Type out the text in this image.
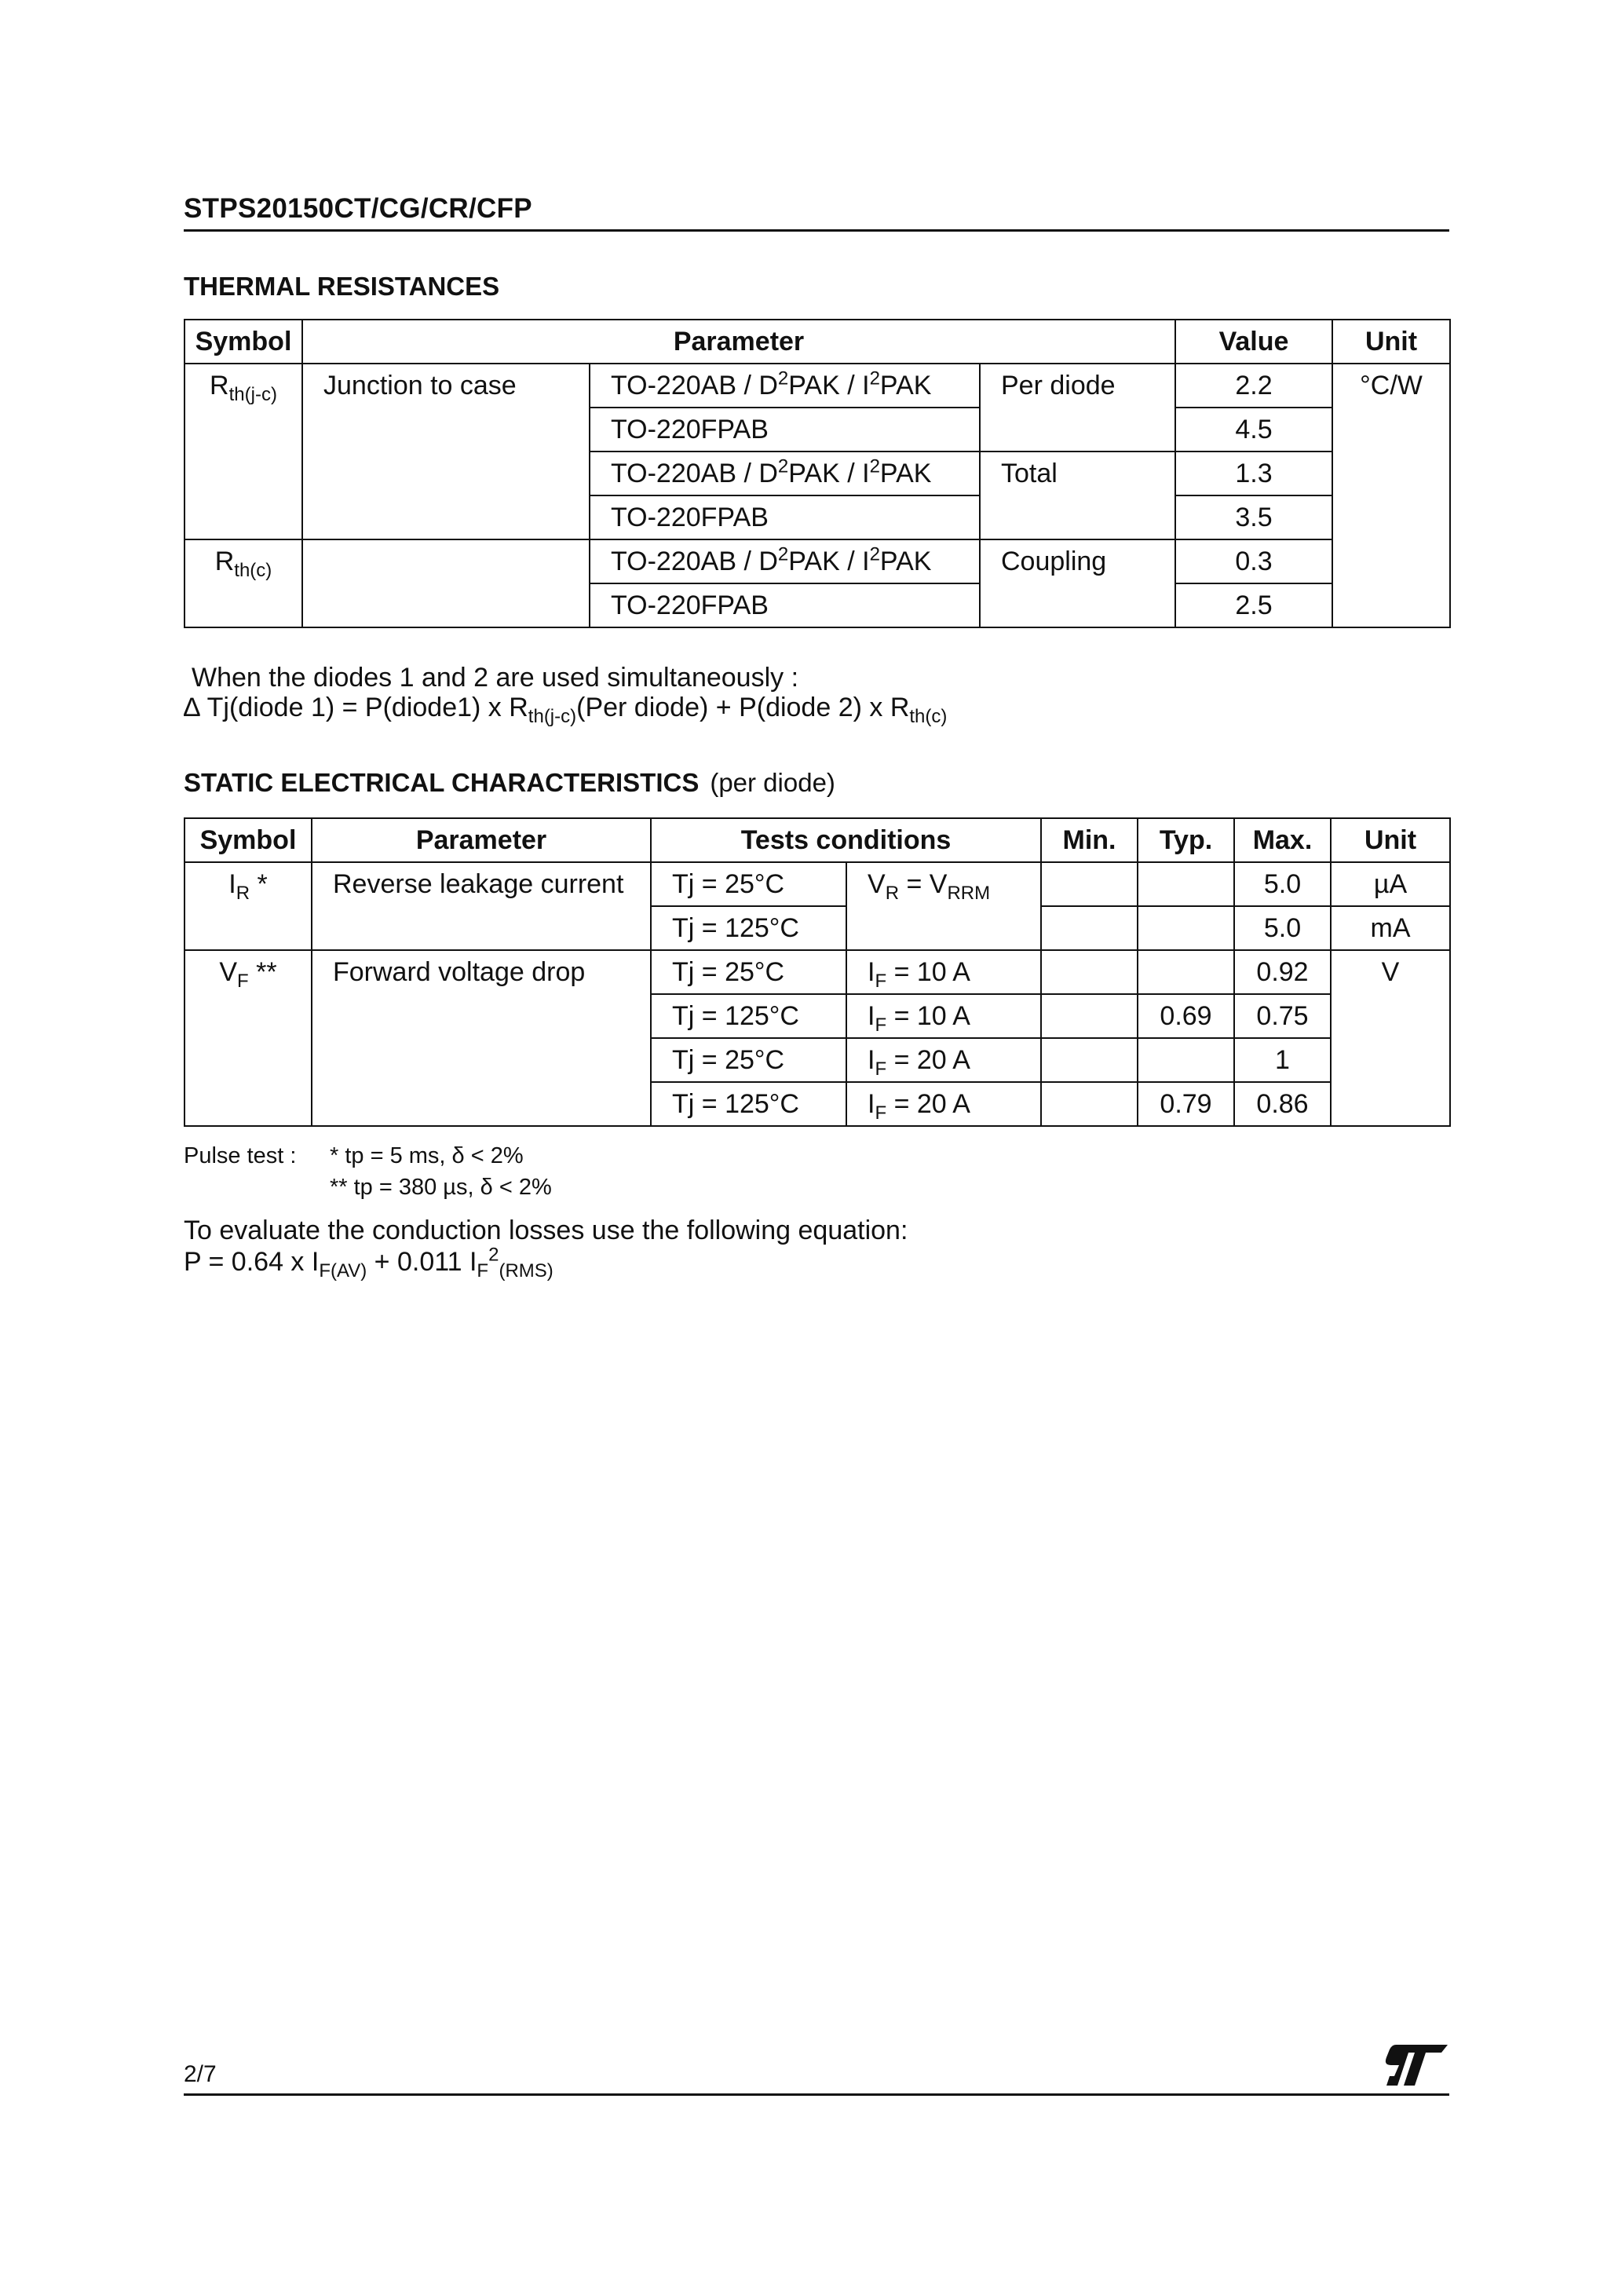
STPS20150CT/CG/CR/CFP
THERMAL RESISTANCES
Symbol	Parameter			Value	Unit
$R_{th(j-c)}$	Junction to case	$TO-220AB / D^2PAK / I^2PAK$	Per diode	2.2	°C/W
		TO-220FPAB		4.5	
		$TO-220AB / D^2PAK / I^2PAK$	Total	1.3	
		TO-220FPAB		3.5	
$R_{th(c)}$		$TO-220AB / D^2PAK / I^2PAK$	Coupling	0.3	
		TO-220FPAB		2.5	
When the diodes 1 and 2 are used simultaneously :
∆ Tj(diode 1) = P(diode1) x $R_{th(j-c)}(Per$ diode) + P(diode 2) x $R_{th(c)}$
STATIC ELECTRICAL CHARACTERISTICS (per diode)
Symbol	Parameter	Tests conditions		Min.	Typ.	Max.	Unit
$I_R$ *	Reverse leakage current	Tj = 25°C	$V_R = V_{RRM}$			5.0	µA
		Tj = 125°C				5.0	mA
$V_F$ **	Forward voltage drop	Tj = 25°C	$I_F = 10$ A			0.92	V
		Tj = 125°C	$I_F = 10$ A		0.69	0.75	
		Tj = 25°C	$I_F = 20$ A			1	
		Tj = 125°C	$I_F = 20$ A		0.79	0.86	
Pulse test : * tp = 5 ms, δ < 2%
** tp = 380 µs, δ < 2%
To evaluate the conduction losses use the following equation:
P = 0.64 x $I_{F(AV)} + 0.011$ $I_F^2_{(RMS)}$
2/7
